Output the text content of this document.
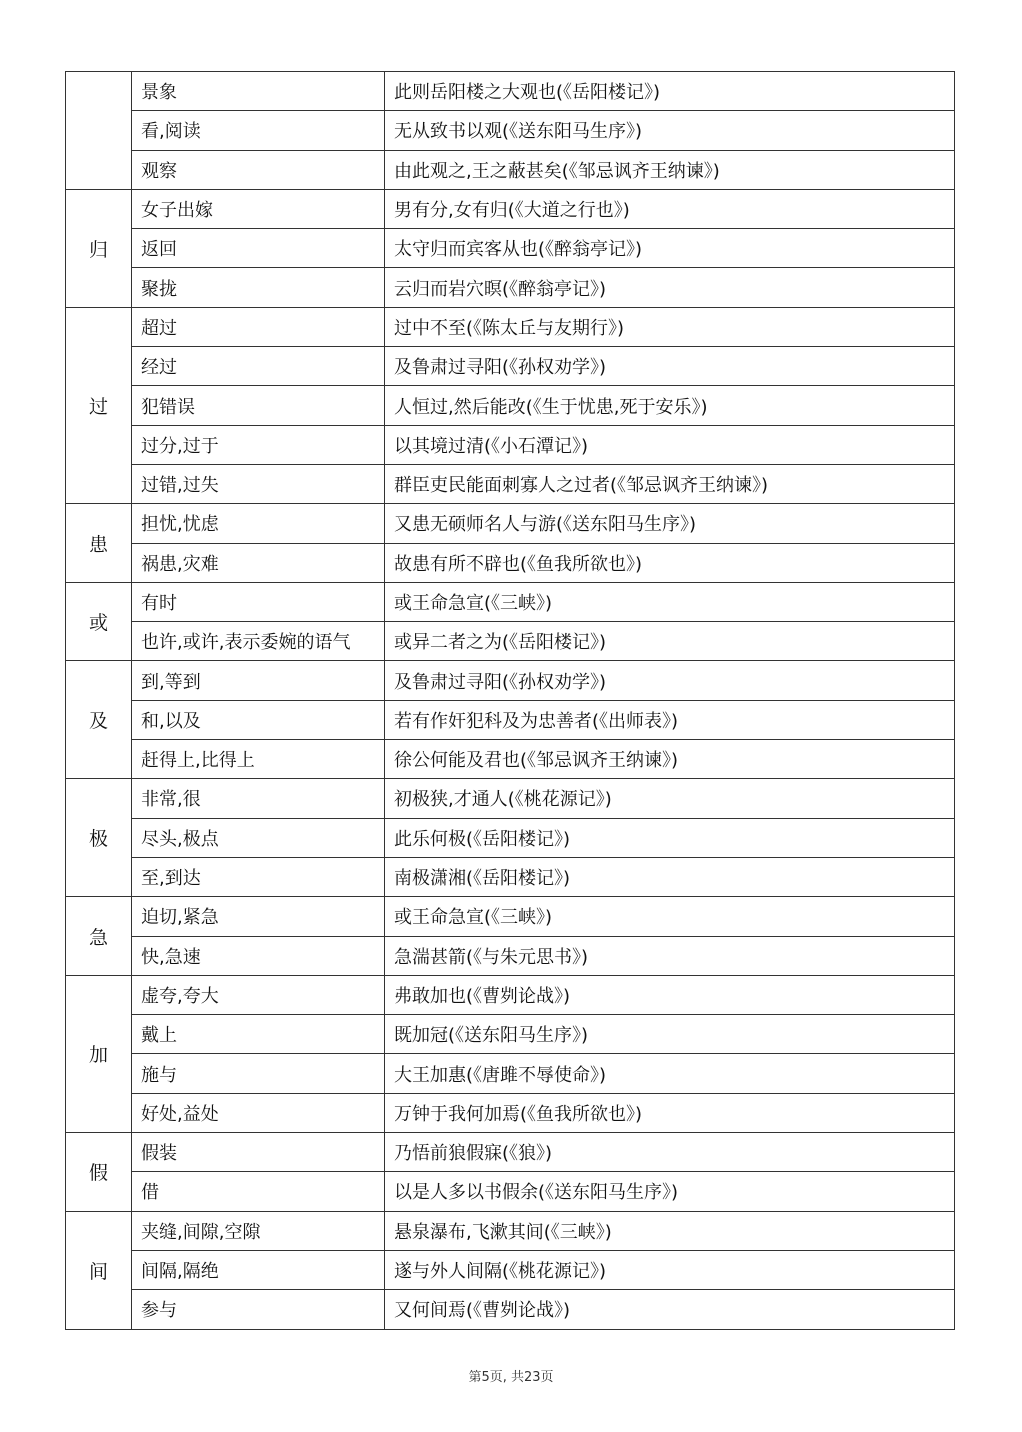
	景象	此则岳阳楼之大观也(《岳阳楼记》)
	看,阅读	无从致书以观(《送东阳马生序》)
	观察	由此观之,王之蔽甚矣(《邹忌讽齐王纳谏》)
归	女子出嫁	男有分,女有归(《大道之行也》)
	返回	太守归而宾客从也(《醉翁亭记》)
	聚拢	云归而岩穴暝(《醉翁亭记》)
过	超过	过中不至(《陈太丘与友期行》)
	经过	及鲁肃过寻阳(《孙权劝学》)
	犯错误	人恒过,然后能改(《生于忧患,死于安乐》)
	过分,过于	以其境过清(《小石潭记》)
	过错,过失	群臣吏民能面刺寡人之过者(《邹忌讽齐王纳谏》)
患	担忧,忧虑	又患无硕师名人与游(《送东阳马生序》)
	祸患,灾难	故患有所不辟也(《鱼我所欲也》)
或	有时	或王命急宣(《三峡》)
	也许,或许,表示委婉的语气	或异二者之为(《岳阳楼记》)
及	到,等到	及鲁肃过寻阳(《孙权劝学》)
	和,以及	若有作奸犯科及为忠善者(《出师表》)
	赶得上,比得上	徐公何能及君也(《邹忌讽齐王纳谏》)
极	非常,很	初极狭,才通人(《桃花源记》)
	尽头,极点	此乐何极(《岳阳楼记》)
	至,到达	南极潇湘(《岳阳楼记》)
急	迫切,紧急	或王命急宣(《三峡》)
	快,急速	急湍甚箭(《与朱元思书》)
加	虚夸,夸大	弗敢加也(《曹刿论战》)
	戴上	既加冠(《送东阳马生序》)
	施与	大王加惠(《唐雎不辱使命》)
	好处,益处	万钟于我何加焉(《鱼我所欲也》)
假	假装	乃悟前狼假寐(《狼》)
	借	以是人多以书假余(《送东阳马生序》)
间	夹缝,间隙,空隙	悬泉瀑布,飞漱其间(《三峡》)
	间隔,隔绝	遂与外人间隔(《桃花源记》)
	参与	又何间焉(《曹刿论战》)
第5页, 共23页
